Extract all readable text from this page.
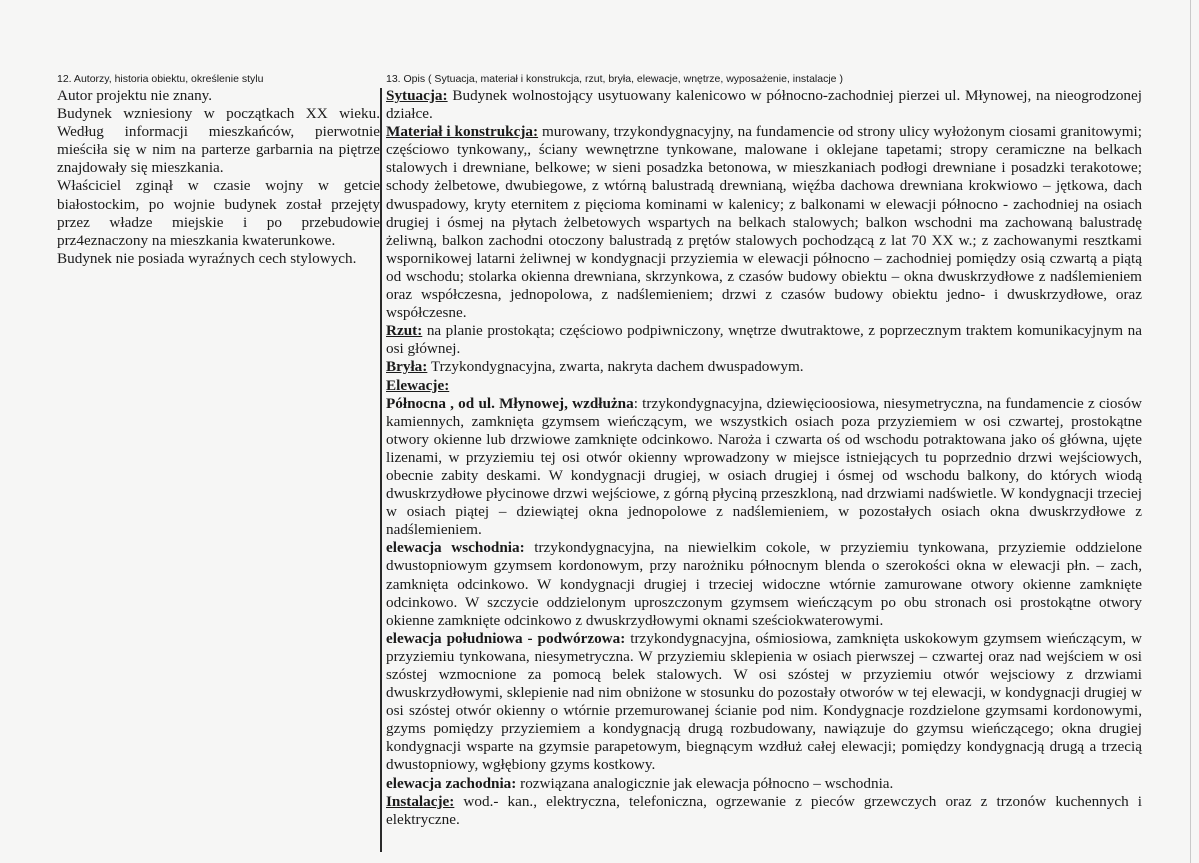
12. Autorzy, historia obiektu, określenie stylu

Autor projektu nie znany.

Budynek wzniesiony w początkach XX wieku. Według informacji mieszkańców, pierwotnie mieściła się w nim na parterze garbarnia na piętrze znajdowały się mieszkania.

Właściciel zginął w czasie wojny w getcie białostockim, po wojnie budynek został przejęty przez władze miejskie i po przebudowie prz4eznaczony na mieszkania kwaterunkowe.

Budynek nie posiada wyraźnych cech stylowych.

13. Opis ( Sytuacja, materiał i konstrukcja, rzut, bryła, elewacje, wnętrze, wyposażenie, instalacje )

Sytuacja: Budynek wolnostojący usytuowany kalenicowo w północno-zachodniej pierzei ul. Młynowej, na nieogrodzonej działce.

Materiał i konstrukcja: murowany, trzykondygnacyjny, na fundamencie od strony ulicy wyłożonym ciosami granitowymi; częściowo tynkowany,, ściany wewnętrzne tynkowane, malowane i oklejane tapetami; stropy ceramiczne na belkach stalowych i drewniane, belkowe; w sieni posadzka betonowa, w mieszkaniach podłogi drewniane i posadzki terakotowe; schody żelbetowe, dwubiegowe, z wtórną balustradą drewnianą, więźba dachowa drewniana krokwiowo – jętkowa, dach dwuspadowy, kryty eternitem z pięcioma kominami w kalenicy; z balkonami w elewacji północno - zachodniej na osiach drugiej i ósmej na płytach żelbetowych wspartych na belkach stalowych; balkon wschodni ma zachowaną balustradę żeliwną, balkon zachodni otoczony balustradą z prętów stalowych pochodzącą z lat 70 XX w.; z zachowanymi resztkami wspornikowej latarni żeliwnej w kondygnacji przyziemia w elewacji północno – zachodniej pomiędzy osią czwartą a piątą od wschodu; stolarka okienna drewniana, skrzynkowa, z czasów budowy obiektu – okna dwuskrzydłowe z nadślemieniem oraz współczesna, jednopolowa, z nadślemieniem; drzwi z czasów budowy obiektu jedno- i dwuskrzydłowe, oraz współczesne.

Rzut: na planie prostokąta; częściowo podpiwniczony, wnętrze dwutraktowe, z poprzecznym traktem komunikacyjnym na osi głównej.

Bryła: Trzykondygnacyjna, zwarta, nakryta dachem dwuspadowym.

Elewacje:

Północna , od ul. Młynowej, wzdłużna: trzykondygnacyjna, dziewięcioosiowa, niesymetryczna, na fundamencie z ciosów kamiennych, zamknięta gzymsem wieńczącym, we wszystkich osiach poza przyziemiem w osi czwartej, prostokątne otwory okienne lub drzwiowe zamknięte odcinkowo. Naroża i czwarta oś od wschodu potraktowana jako oś główna, ujęte lizenami, w przyziemiu tej osi otwór okienny wprowadzony w miejsce istniejących tu poprzednio drzwi wejściowych, obecnie zabity deskami. W kondygnacji drugiej, w osiach drugiej i ósmej od wschodu balkony, do których wiodą dwuskrzydłowe płycinowe drzwi wejściowe, z górną płyciną przeszkloną, nad drzwiami nadświetle. W kondygnacji trzeciej w osiach piątej – dziewiątej okna jednopolowe z nadślemieniem, w pozostałych osiach okna dwuskrzydłowe z nadślemieniem.

elewacja wschodnia: trzykondygnacyjna, na niewielkim cokole, w przyziemiu tynkowana, przyziemie oddzielone dwustopniowym gzymsem kordonowym, przy narożniku północnym blenda o szerokości okna w elewacji płn. – zach, zamknięta odcinkowo. W kondygnacji drugiej i trzeciej widoczne wtórnie zamurowane otwory okienne zamknięte odcinkowo. W szczycie oddzielonym uproszczonym gzymsem wieńczącym po obu stronach osi prostokątne otwory okienne zamknięte odcinkowo z dwuskrzydłowymi oknami sześciokwaterowymi.

elewacja południowa - podwórzowa: trzykondygnacyjna, ośmiosiowa, zamknięta uskokowym gzymsem wieńczącym, w przyziemiu tynkowana, niesymetryczna. W przyziemiu sklepienia w osiach pierwszej – czwartej oraz nad wejściem w osi szóstej wzmocnione za pomocą belek stalowych. W osi szóstej w przyziemiu otwór wejsciowy z drzwiami dwuskrzydłowymi, sklepienie nad nim obniżone w stosunku do pozostały otworów w tej elewacji, w kondygnacji drugiej w osi szóstej otwór okienny o wtórnie przemurowanej ścianie pod nim. Kondygnacje rozdzielone gzymsami kordonowymi, gzyms pomiędzy przyziemiem a kondygnacją drugą rozbudowany, nawiązuje do gzymsu wieńczącego; okna drugiej kondygnacji wsparte na gzymsie parapetowym, biegnącym wzdłuż całej elewacji; pomiędzy kondygnacją drugą a trzecią dwustopniowy, wgłębiony gzyms kostkowy.

elewacja zachodnia: rozwiązana analogicznie jak elewacja północno – wschodnia.

Instalacje: wod.- kan., elektryczna, telefoniczna, ogrzewanie z pieców grzewczych oraz z trzonów kuchennych i elektryczne.
